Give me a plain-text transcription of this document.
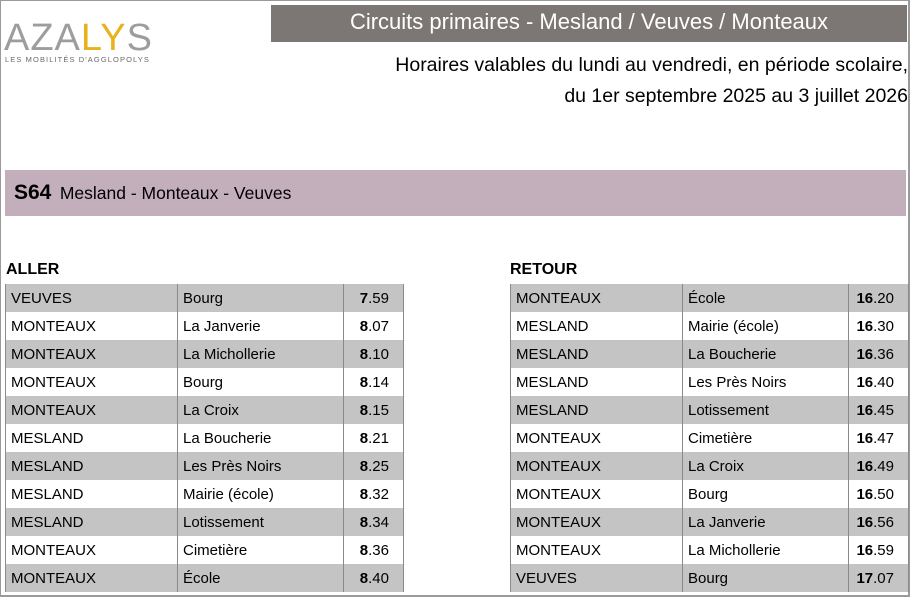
AZALYS
LES MOBILITÉS D'AGGLOPOLYS
Circuits primaires - Mesland / Veuves / Monteaux
Horaires valables du lundi au vendredi, en période scolaire,
du 1er septembre 2025 au 3 juillet 2026
S64 Mesland - Monteaux - Veuves
ALLER
VEUVES	Bourg	7.59
MONTEAUX	La Janverie	8.07
MONTEAUX	La Michollerie	8.10
MONTEAUX	Bourg	8.14
MONTEAUX	La Croix	8.15
MESLAND	La Boucherie	8.21
MESLAND	Les Près Noirs	8.25
MESLAND	Mairie (école)	8.32
MESLAND	Lotissement	8.34
MONTEAUX	Cimetière	8.36
MONTEAUX	École	8.40
RETOUR
MONTEAUX	École	16.20
MESLAND	Mairie (école)	16.30
MESLAND	La Boucherie	16.36
MESLAND	Les Près Noirs	16.40
MESLAND	Lotissement	16.45
MONTEAUX	Cimetière	16.47
MONTEAUX	La Croix	16.49
MONTEAUX	Bourg	16.50
MONTEAUX	La Janverie	16.56
MONTEAUX	La Michollerie	16.59
VEUVES	Bourg	17.07
